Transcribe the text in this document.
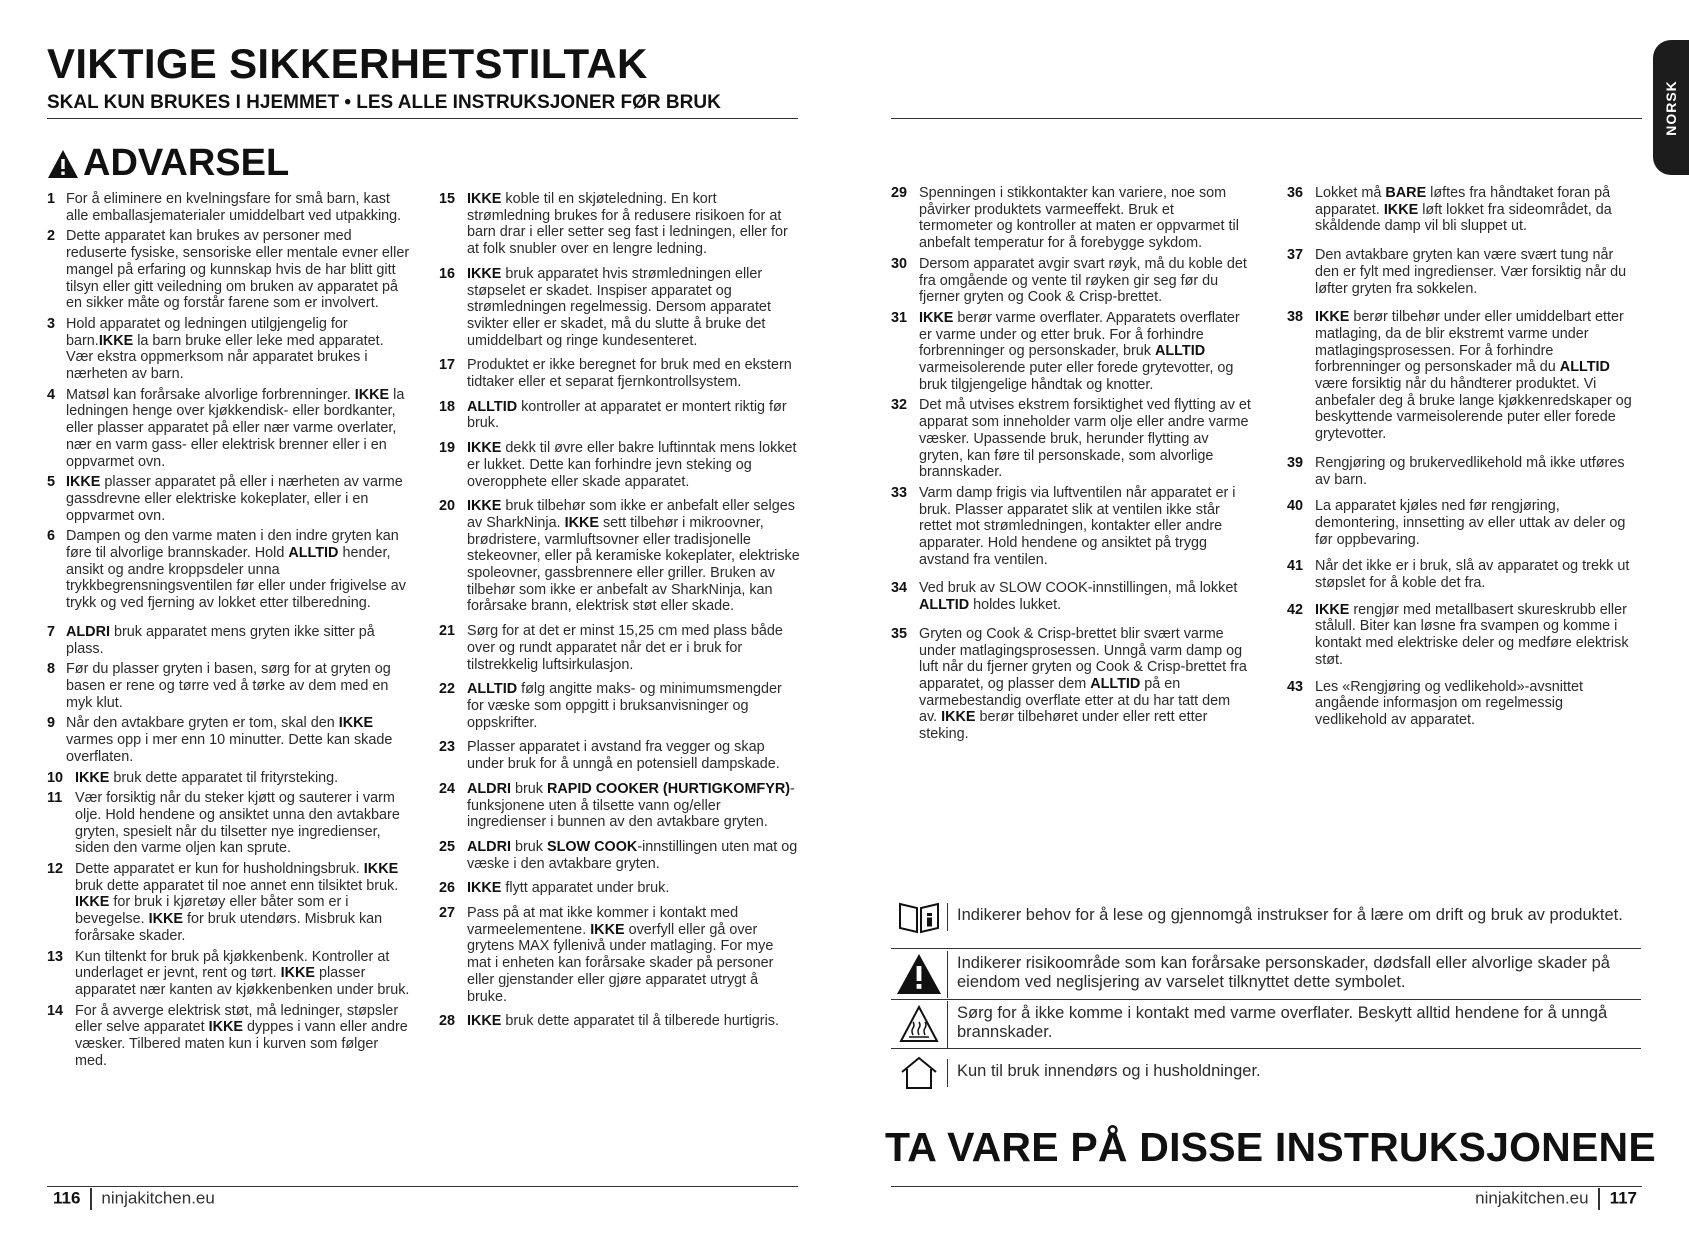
VIKTIGE SIKKERHETSTILTAK
SKAL KUN BRUKES I HJEMMET • LES ALLE INSTRUKSJONER FØR BRUK	NORSK
ADVARSEL

1 For å eliminere en kvelningsfare for små barn, kast alle emballasjematerialer umiddelbart ved utpakking.

2 Dette apparatet kan brukes av personer med reduserte fysiske, sensoriske eller mentale evner eller mangel på erfaring og kunnskap hvis de har blitt gitt tilsyn eller gitt veiledning om bruken av apparatet på en sikker måte og forstår farene som er involvert.

3 Hold apparatet og ledningen utilgjengelig for barn.IKKE la barn bruke eller leke med apparatet. Vær ekstra oppmerksom når apparatet brukes i nærheten av barn.

4 Matsøl kan forårsake alvorlige forbrenninger. IKKE la ledningen henge over kjøkkendisk- eller bordkanter, eller plasser apparatet på eller nær varme overlater, nær en varm gass- eller elektrisk brenner eller i en oppvarmet ovn.

5 IKKE plasser apparatet på eller i nærheten av varme gassdrevne eller elektriske kokeplater, eller i en oppvarmet ovn.

6 Dampen og den varme maten i den indre gryten kan føre til alvorlige brannskader. Hold ALLTID hender, ansikt og andre kroppsdeler unna trykkbegrensningsventilen før eller under frigivelse av trykk og ved fjerning av lokket etter tilberedning.

7 ALDRI bruk apparatet mens gryten ikke sitter på plass.

8 Før du plasser gryten i basen, sørg for at gryten og basen er rene og tørre ved å tørke av dem med en myk klut.

9 Når den avtakbare gryten er tom, skal den IKKE varmes opp i mer enn 10 minutter. Dette kan skade overflaten.

10 IKKE bruk dette apparatet til frityrsteking.

11 Vær forsiktig når du steker kjøtt og sauterer i varm olje. Hold hendene og ansiktet unna den avtakbare gryten, spesielt når du tilsetter nye ingredienser, siden den varme oljen kan sprute.

12 Dette apparatet er kun for husholdningsbruk. IKKE bruk dette apparatet til noe annet enn tilsiktet bruk. IKKE for bruk i kjøretøy eller båter som er i bevegelse. IKKE for bruk utendørs. Misbruk kan forårsake skader.

13 Kun tiltenkt for bruk på kjøkkenbenk. Kontroller at underlaget er jevnt, rent og tørt. IKKE plasser apparatet nær kanten av kjøkkenbenken under bruk.

14 For å avverge elektrisk støt, må ledninger, støpsler eller selve apparatet IKKE dyppes i vann eller andre væsker. Tilbered maten kun i kurven som følger med.

15 IKKE koble til en skjøteledning. En kort strømledning brukes for å redusere risikoen for at barn drar i eller setter seg fast i ledningen, eller for at folk snubler over en lengre ledning.

16 IKKE bruk apparatet hvis strømledningen eller støpselet er skadet. Inspiser apparatet og strømledningen regelmessig. Dersom apparatet svikter eller er skadet, må du slutte å bruke det umiddelbart og ringe kundesenteret.

17 Produktet er ikke beregnet for bruk med en ekstern tidtaker eller et separat fjernkontrollsystem.

18 ALLTID kontroller at apparatet er montert riktig før bruk.

19 IKKE dekk til øvre eller bakre luftinntak mens lokket er lukket. Dette kan forhindre jevn steking og overopphete eller skade apparatet.

20 IKKE bruk tilbehør som ikke er anbefalt eller selges av SharkNinja. IKKE sett tilbehør i mikroovner, brødristere, varmluftsovner eller tradisjonelle stekeovner, eller på keramiske kokeplater, elektriske spoleovner, gassbrennere eller griller. Bruken av tilbehør som ikke er anbefalt av SharkNinja, kan forårsake brann, elektrisk støt eller skade.

21 Sørg for at det er minst 15,25 cm med plass både over og rundt apparatet når det er i bruk for tilstrekkelig luftsirkulasjon.

22 ALLTID følg angitte maks- og minimumsmengder for væske som oppgitt i bruksanvisninger og oppskrifter.

23 Plasser apparatet i avstand fra vegger og skap under bruk for å unngå en potensiell dampskade.

24 ALDRI bruk RAPID COOKER (HURTIGKOMFYR)-funksjonene uten å tilsette vann og/eller ingredienser i bunnen av den avtakbare gryten.

25 ALDRI bruk SLOW COOK-innstillingen uten mat og væske i den avtakbare gryten.

26 IKKE flytt apparatet under bruk.

27 Pass på at mat ikke kommer i kontakt med varmeelementene. IKKE overfyll eller gå over grytens MAX fyllenivå under matlaging. For mye mat i enheten kan forårsake skader på personer eller gjenstander eller gjøre apparatet utrygt å bruke.

28 IKKE bruk dette apparatet til å tilberede hurtigris.

29 Spenningen i stikkontakter kan variere, noe som påvirker produktets varmeeffekt. Bruk et termometer og kontroller at maten er oppvarmet til anbefalt temperatur for å forebygge sykdom.

30 Dersom apparatet avgir svart røyk, må du koble det fra omgående og vente til røyken gir seg før du fjerner gryten og Cook & Crisp-brettet.

31 IKKE berør varme overflater. Apparatets overflater er varme under og etter bruk. For å forhindre forbrenninger og personskader, bruk ALLTID varmeisolerende puter eller forede grytevotter, og bruk tilgjengelige håndtak og knotter.

32 Det må utvises ekstrem forsiktighet ved flytting av et apparat som inneholder varm olje eller andre varme væsker. Upassende bruk, herunder flytting av gryten, kan føre til personskade, som alvorlige brannskader.

33 Varm damp frigis via luftventilen når apparatet er i bruk. Plasser apparatet slik at ventilen ikke står rettet mot strømledningen, kontakter eller andre apparater. Hold hendene og ansiktet på trygg avstand fra ventilen.

34 Ved bruk av SLOW COOK-innstillingen, må lokket ALLTID holdes lukket.

35 Gryten og Cook & Crisp-brettet blir svært varme under matlagingsprosessen. Unngå varm damp og luft når du fjerner gryten og Cook & Crisp-brettet fra apparatet, og plasser dem ALLTID på en varmebestandig overflate etter at du har tatt dem av. IKKE berør tilbehøret under eller rett etter steking.

36 Lokket må BARE løftes fra håndtaket foran på apparatet. IKKE løft lokket fra sideområdet, da skåldende damp vil bli sluppet ut.

37 Den avtakbare gryten kan være svært tung når den er fylt med ingredienser. Vær forsiktig når du løfter gryten fra sokkelen.

38 IKKE berør tilbehør under eller umiddelbart etter matlaging, da de blir ekstremt varme under matlagingsprosessen. For å forhindre forbrenninger og personskader må du ALLTID være forsiktig når du håndterer produktet. Vi anbefaler deg å bruke lange kjøkkenredskaper og beskyttende varmeisolerende puter eller forede grytevotter.

39 Rengjøring og brukervedlikehold må ikke utføres av barn.

40 La apparatet kjøles ned før rengjøring, demontering, innsetting av eller uttak av deler og før oppbevaring.

41 Når det ikke er i bruk, slå av apparatet og trekk ut støpslet for å koble det fra.

42 IKKE rengjør med metallbasert skureskrubb eller stålull. Biter kan løsne fra svampen og komme i kontakt med elektriske deler og medføre elektrisk støt.

43 Les «Rengjøring og vedlikehold»-avsnittet angående informasjon om regelmessig vedlikehold av apparatet.

Indikerer behov for å lese og gjennomgå instrukser for å lære om drift og bruk av produktet.
Indikerer risikoområde som kan forårsake personskader, dødsfall eller alvorlige skader på eiendom ved neglisjering av varselet tilknyttet dette symbolet.
Sørg for å ikke komme i kontakt med varme overflater. Beskytt alltid hendene for å unngå brannskader.
Kun til bruk innendørs og i husholdninger.
TA VARE PÅ DISSE INSTRUKSJONENE
116 ninjakitchen.eu	ninjakitchen.eu 117
